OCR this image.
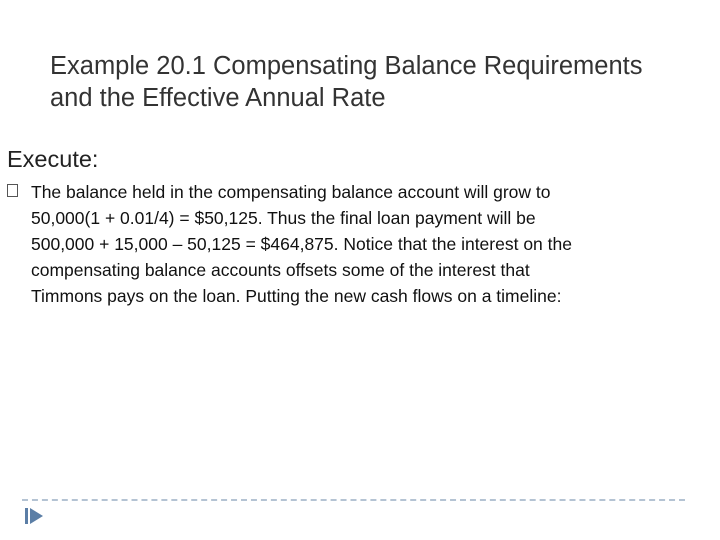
Example 20.1 Compensating Balance Requirements
and the Effective Annual Rate
Execute:

The balance held in the compensating balance account will grow to
50,000(1 + 0.01/4) = $50,125. Thus the final loan payment will be
500,000 + 15,000 – 50,125 = $464,875. Notice that the interest on the
compensating balance accounts offsets some of the interest that
Timmons pays on the loan. Putting the new cash flows on a timeline:
